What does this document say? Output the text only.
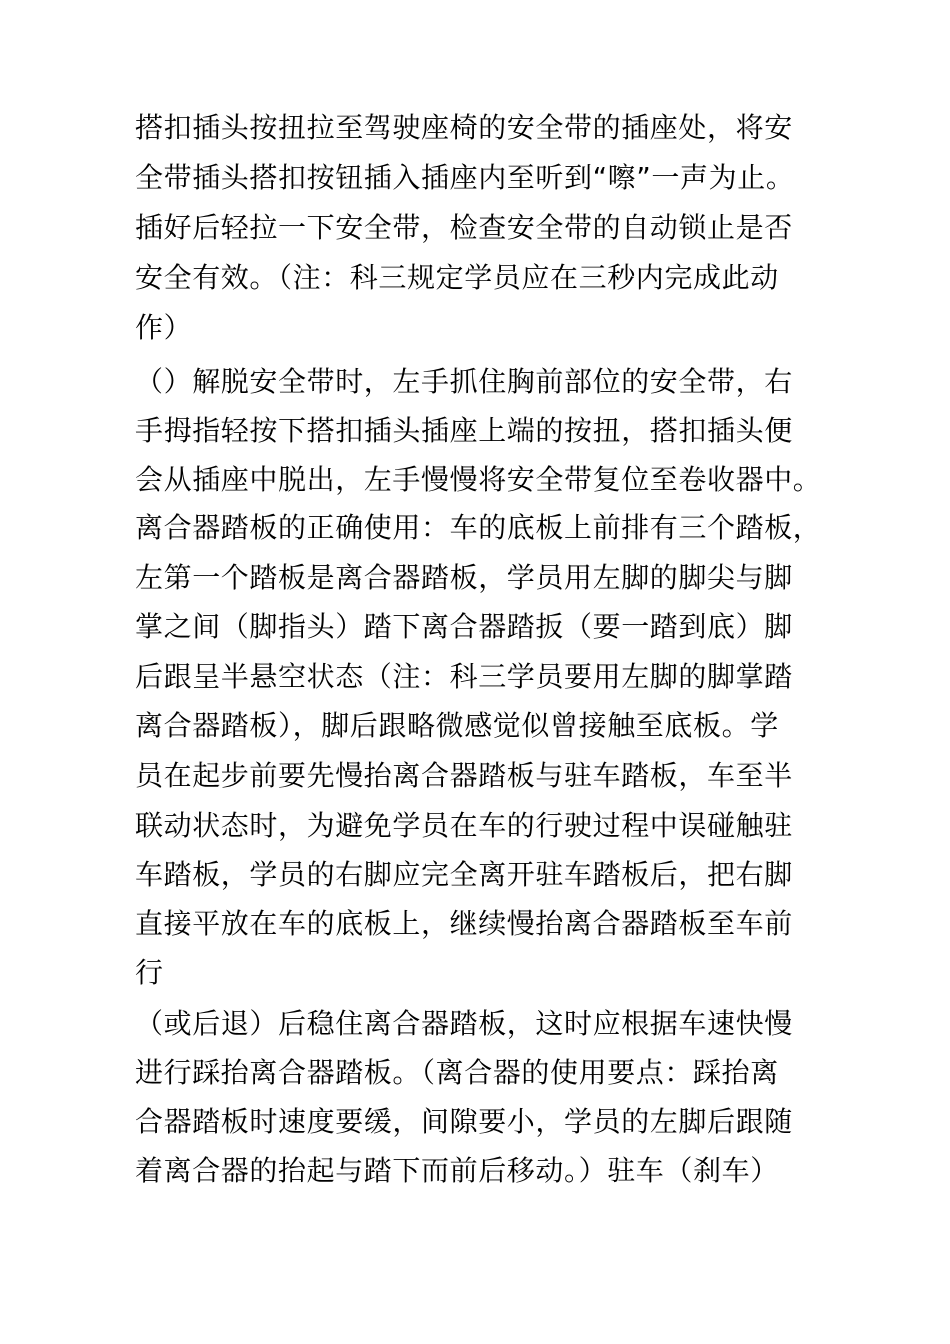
搭扣插头按扭拉至驾驶座椅的安全带的插座处，将安

全带插头搭扣按钮插入插座内至听到“嚓”一声为止。

插好后轻拉一下安全带，检查安全带的自动锁止是否

安全有效。（注：科三规定学员应在三秒内完成此动

作）

（）解脱安全带时，左手抓住胸前部位的安全带，右

手拇指轻按下搭扣插头插座上端的按扭，搭扣插头便

会从插座中脱出，左手慢慢将安全带复位至卷收器中。

离合器踏板的正确使用：车的底板上前排有三个踏板，

左第一个踏板是离合器踏板，学员用左脚的脚尖与脚

掌之间（脚指头）踏下离合器踏扳（要一踏到底）脚

后跟呈半悬空状态（注：科三学员要用左脚的脚掌踏

离合器踏板），脚后跟略微感觉似曾接触至底板。学

员在起步前要先慢抬离合器踏板与驻车踏板，车至半

联动状态时，为避免学员在车的行驶过程中误碰触驻

车踏板，学员的右脚应完全离开驻车踏板后，把右脚

直接平放在车的底板上，继续慢抬离合器踏板至车前

行

（或后退）后稳住离合器踏板，这时应根据车速快慢

进行踩抬离合器踏板。（离合器的使用要点：踩抬离

合器踏板时速度要缓，间隙要小，学员的左脚后跟随

着离合器的抬起与踏下而前后移动。）驻车（刹车）
